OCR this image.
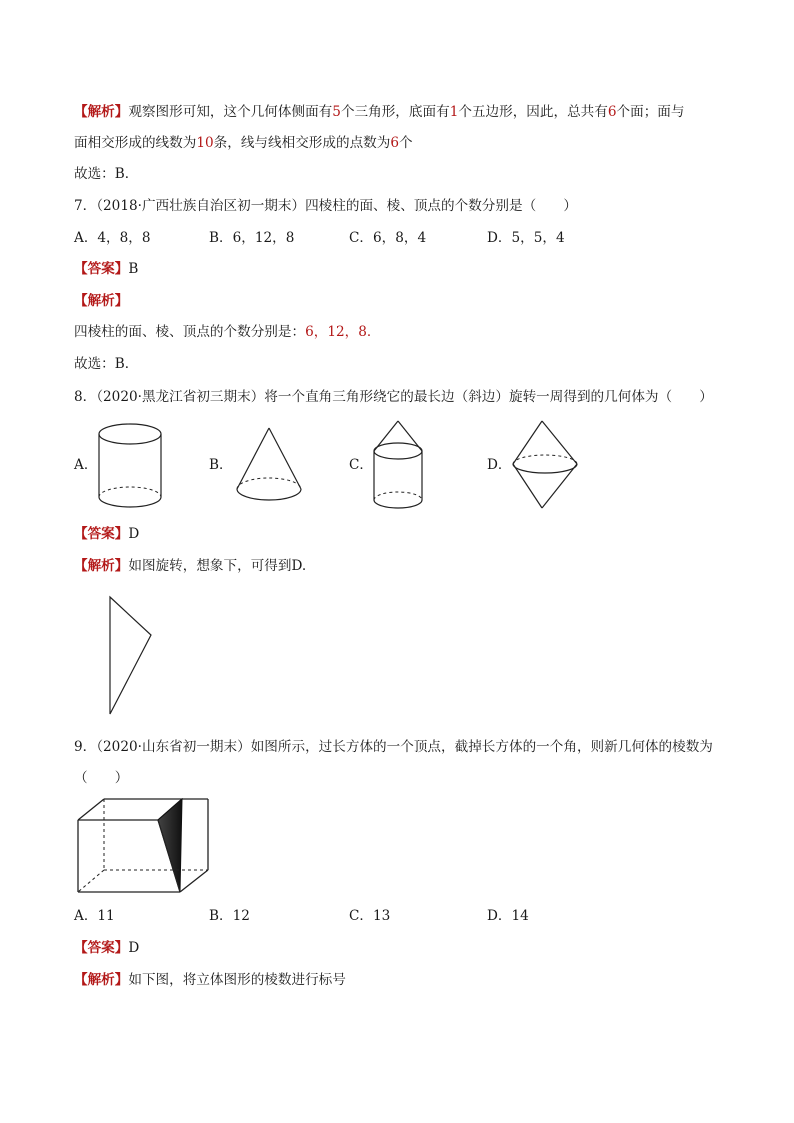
【解析】观察图形可知，这个几何体侧面有5个三角形，底面有1个五边形，因此，总共有6个面；面与
面相交形成的线数为10条，线与线相交形成的点数为6个
故选：B．
7．（2018·广西壮族自治区初一期末）四棱柱的面、棱、顶点的个数分别是（　　）
A．4，8，8	B．6，12，8	C．6，8，4	D．5，5，4
【答案】B
【解析】
四棱柱的面、棱、顶点的个数分别是：6，12，8．
故选：B．
8．（2020·黑龙江省初三期末）将一个直角三角形绕它的最长边（斜边）旋转一周得到的几何体为（　　）
A．	B．	C．	D．
【答案】D
【解析】如图旋转，想象下，可得到D.
9．（2020·山东省初一期末）如图所示，过长方体的一个顶点，截掉长方体的一个角，则新几何体的棱数为
（　　）
A．11	B．12	C．13	D．14
【答案】D
【解析】如下图，将立体图形的棱数进行标号
